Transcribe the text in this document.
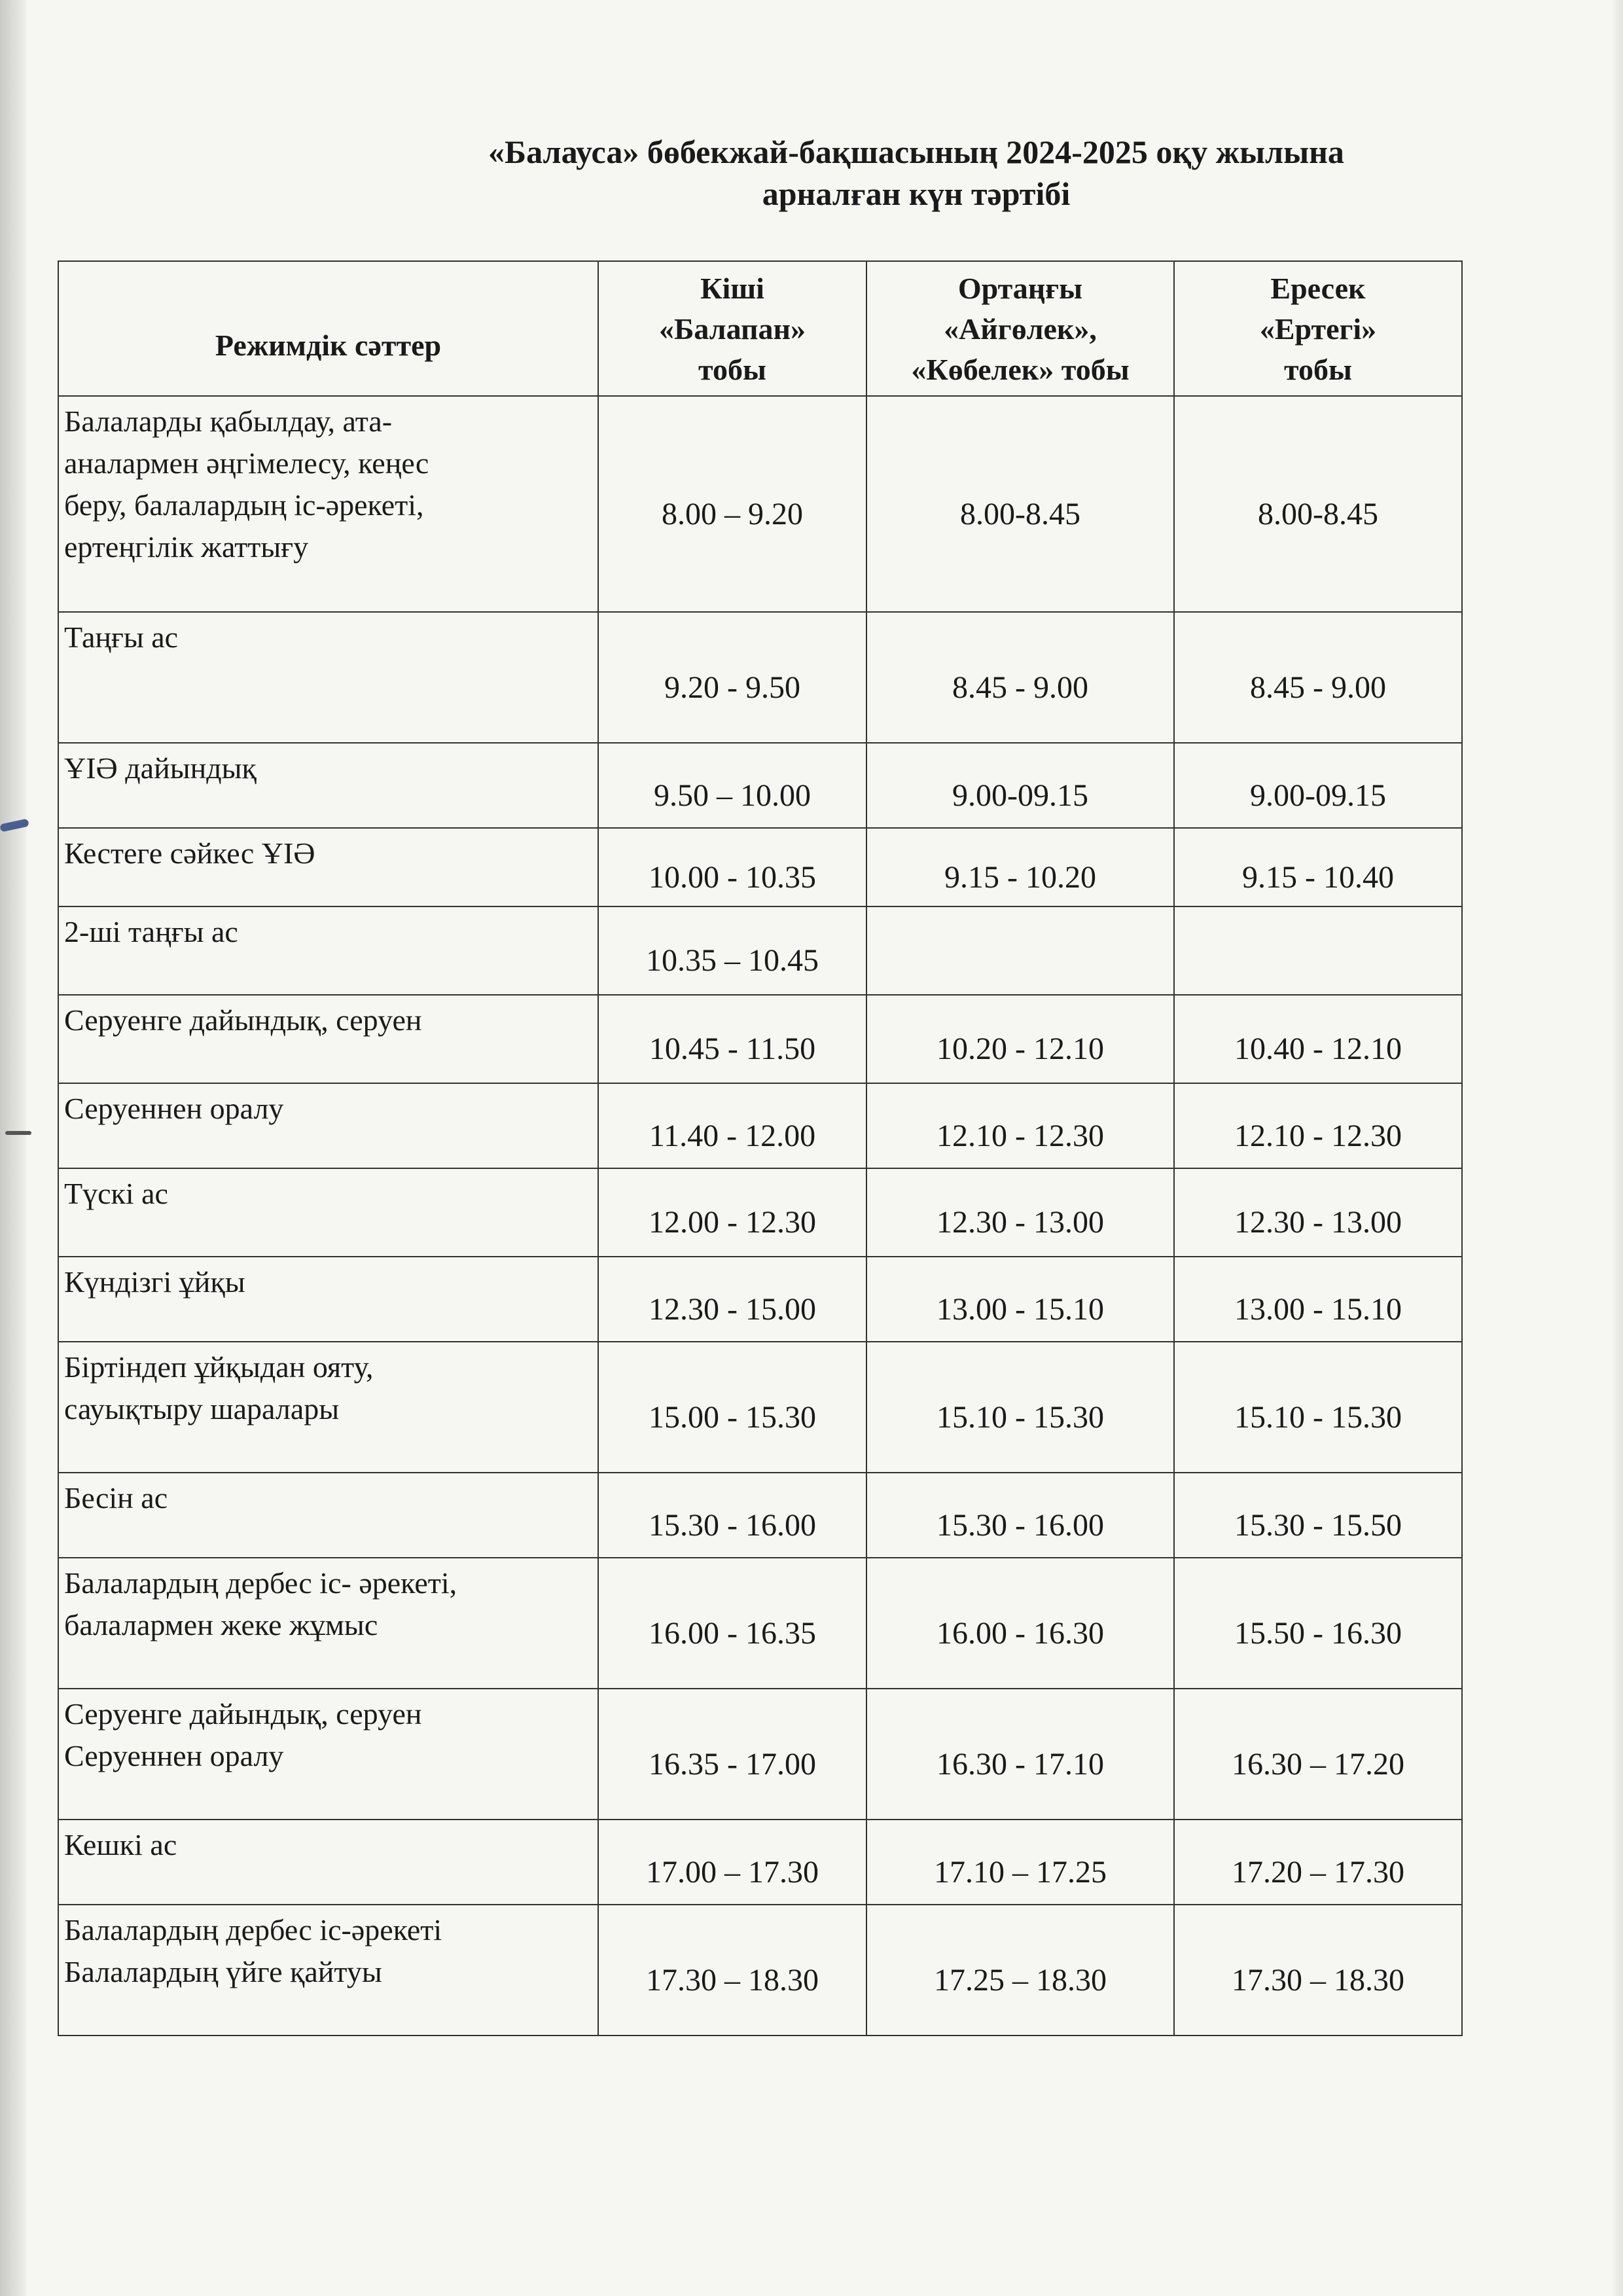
«Балауса» бөбекжай-бақшасының 2024-2025 оқу жылына
арналған күн тәртібі
Режимдік сәттер	Кіші
«Балапан»
тобы	Ортаңғы
«Айгөлек»,
«Көбелек» тобы	Ересек
«Ертегі»
тобы

Балаларды қабылдау, ата-
аналармен әңгімелесу, кеңес
беру, балалардың іс-әрекеті,
ертеңгілік жаттығу	8.00 – 9.20	8.00-8.45	8.00-8.45

Таңғы ас	9.20 - 9.50	8.45 - 9.00	8.45 - 9.00

ҰІӘ дайындық	9.50 – 10.00	9.00-09.15	9.00-09.15

Кестеге сәйкес ҰІӘ	10.00 - 10.35	9.15 - 10.20	9.15 - 10.40

2-ші таңғы ас	10.35 – 10.45		

Серуенге дайындық, серуен	10.45 - 11.50	10.20 - 12.10	10.40 - 12.10

Серуеннен оралу	11.40 - 12.00	12.10 - 12.30	12.10 - 12.30

Түскі ас	12.00 - 12.30	12.30 - 13.00	12.30 - 13.00

Күндізгі ұйқы	12.30 - 15.00	13.00 - 15.10	13.00 - 15.10

Біртіндеп ұйқыдан ояту,
сауықтыру шаралары	15.00 - 15.30	15.10 - 15.30	15.10 - 15.30

Бесін ас	15.30 - 16.00	15.30 - 16.00	15.30 - 15.50

Балалардың дербес іс- әрекеті,
балалармен жеке жұмыс	16.00 - 16.35	16.00 - 16.30	15.50 - 16.30

Серуенге дайындық, серуен
Серуеннен оралу	16.35 - 17.00	16.30 - 17.10	16.30 – 17.20

Кешкі ас	17.00 – 17.30	17.10 – 17.25	17.20 – 17.30

Балалардың дербес іс-әрекеті
Балалардың үйге қайтуы	17.30 – 18.30	17.25 – 18.30	17.30 – 18.30
